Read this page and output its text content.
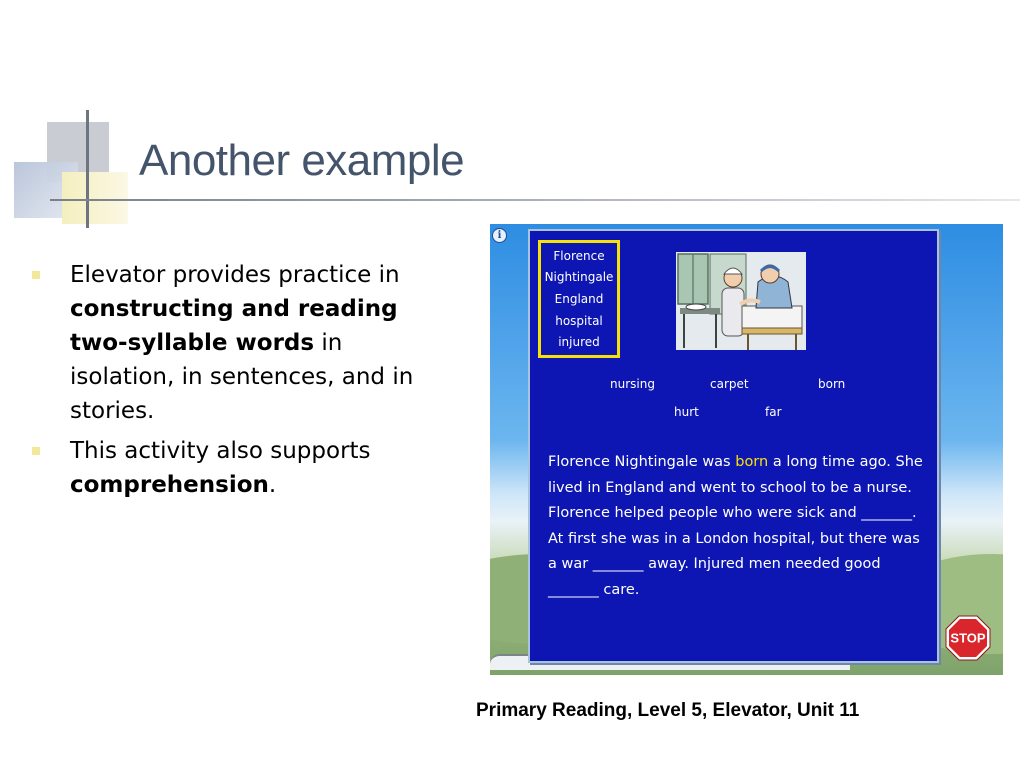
Another example
Elevator provides practice in constructing and reading two-syllable words in isolation, in sentences, and in stories.
This activity also supports comprehension.
i
Florence
Nightingale
England
hospital
injured
nursing	carpet	born
hurt	far

Florence Nightingale was born a long time ago. She lived in England and went to school to be a nurse. Florence helped people who were sick and _______. At first she was in a London hospital, but there was a war _______ away. Injured men needed good _______ care.

STOP

Primary Reading, Level 5, Elevator, Unit 11
